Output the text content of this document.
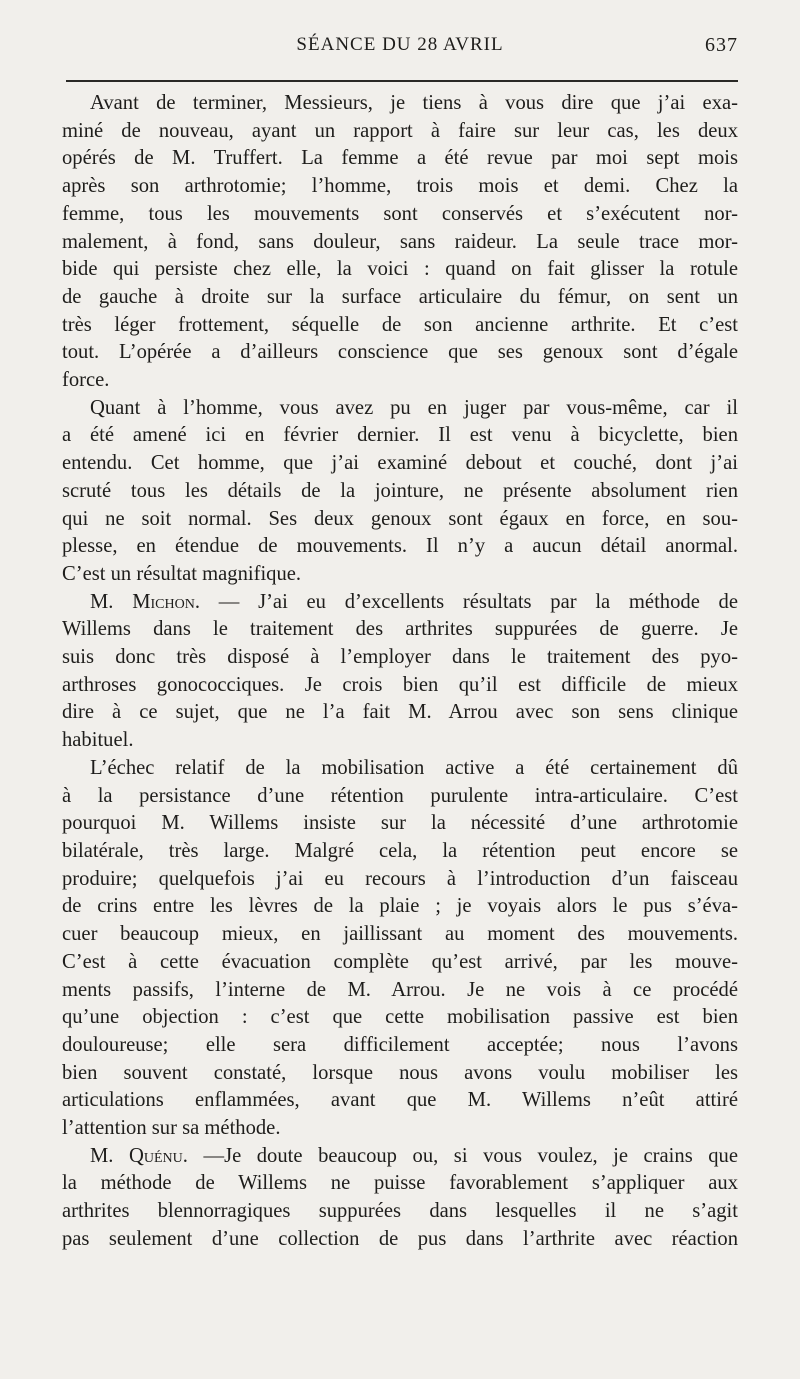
SÉANCE DU 28 AVRIL	637
Avant de terminer, Messieurs, je tiens à vous dire que j’ai exa-
miné de nouveau, ayant un rapport à faire sur leur cas, les deux
opérés de M. Truffert. La femme a été revue par moi sept mois
après son arthrotomie; l’homme, trois mois et demi. Chez la
femme, tous les mouvements sont conservés et s’exécutent nor-
malement, à fond, sans douleur, sans raideur. La seule trace mor-
bide qui persiste chez elle, la voici : quand on fait glisser la rotule
de gauche à droite sur la surface articulaire du fémur, on sent un
très léger frottement, séquelle de son ancienne arthrite. Et c’est
tout. L’opérée a d’ailleurs conscience que ses genoux sont d’égale
force.
Quant à l’homme, vous avez pu en juger par vous-même, car il
a été amené ici en février dernier. Il est venu à bicyclette, bien
entendu. Cet homme, que j’ai examiné debout et couché, dont j’ai
scruté tous les détails de la jointure, ne présente absolument rien
qui ne soit normal. Ses deux genoux sont égaux en force, en sou-
plesse, en étendue de mouvements. Il n’y a aucun détail anormal.
C’est un résultat magnifique.
M. Michon. — J’ai eu d’excellents résultats par la méthode de
Willems dans le traitement des arthrites suppurées de guerre. Je
suis donc très disposé à l’employer dans le traitement des pyo-
arthroses gonococciques. Je crois bien qu’il est difficile de mieux
dire à ce sujet, que ne l’a fait M. Arrou avec son sens clinique
habituel.
L’échec relatif de la mobilisation active a été certainement dû
à la persistance d’une rétention purulente intra-articulaire. C’est
pourquoi M. Willems insiste sur la nécessité d’une arthrotomie
bilatérale, très large. Malgré cela, la rétention peut encore se
produire; quelquefois j’ai eu recours à l’introduction d’un faisceau
de crins entre les lèvres de la plaie ; je voyais alors le pus s’éva-
cuer beaucoup mieux, en jaillissant au moment des mouvements.
C’est à cette évacuation complète qu’est arrivé, par les mouve-
ments passifs, l’interne de M. Arrou. Je ne vois à ce procédé
qu’une objection : c’est que cette mobilisation passive est bien
douloureuse; elle sera difficilement acceptée; nous l’avons
bien souvent constaté, lorsque nous avons voulu mobiliser les
articulations enflammées, avant que M. Willems n’eût attiré
l’attention sur sa méthode.
M. Quénu. —Je doute beaucoup ou, si vous voulez, je crains que
la méthode de Willems ne puisse favorablement s’appliquer aux
arthrites blennorragiques suppurées dans lesquelles il ne s’agit
pas seulement d’une collection de pus dans l’arthrite avec réaction
